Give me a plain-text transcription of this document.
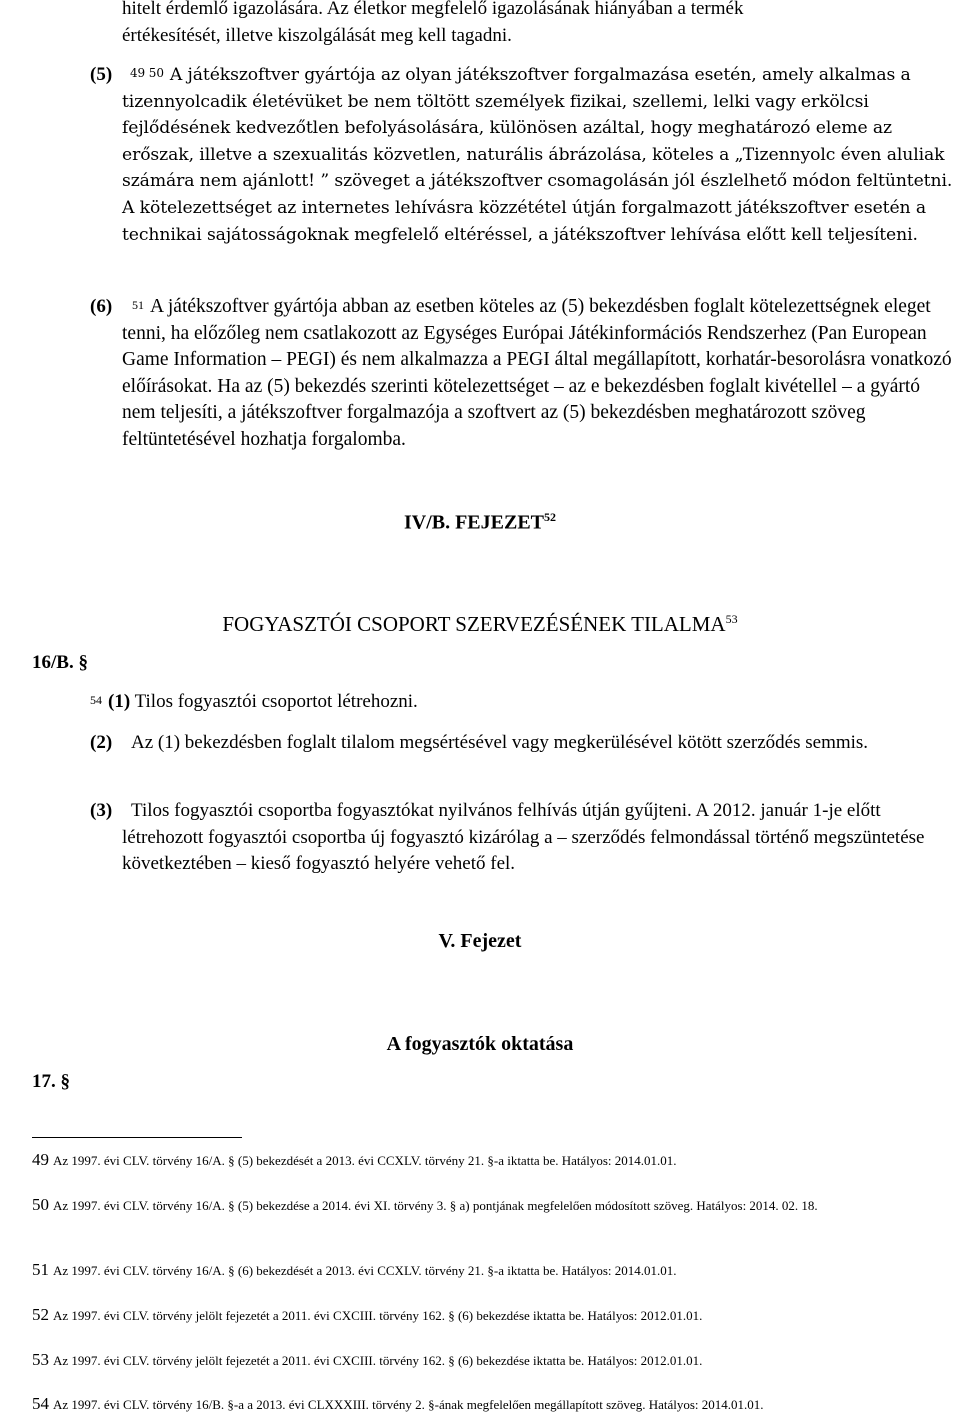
hitelt érdemlő igazolására. Az életkor megfelelő igazolásának hiányában a termék
értékesítését, illetve kiszolgálását meg kell tagadni.

(5)	$^{49 50}$ A játékszoftver gyártója az olyan játékszoftver forgalmazása esetén, amely alkalmas a tizennyolcadik életévüket be nem töltött személyek fizikai, szellemi, lelki vagy erkölcsi fejlődésének kedvezőtlen befolyásolására, különösen azáltal, hogy meghatározó eleme az erőszak, illetve a szexualitás közvetlen, naturális ábrázolása, köteles a „Tizennyolc éven aluliak számára nem ajánlott! ” szöveget a játékszoftver csomagolásán jól észlelhető módon feltüntetni. A kötelezettséget az internetes lehívásra közzététel útján forgalmazott játékszoftver esetén a technikai sajátosságoknak megfelelő eltéréssel, a játékszoftver lehívása előtt kell teljesíteni.

(6)	$^{51}$ A játékszoftver gyártója abban az esetben köteles az (5) bekezdésben foglalt kötelezettségnek eleget tenni, ha előzőleg nem csatlakozott az Egységes Európai Játékinformációs Rendszerhez (Pan European Game Information – PEGI) és nem alkalmazza a PEGI által megállapított, korhatár-besorolásra vonatkozó előírásokat. Ha az (5) bekezdés szerinti kötelezettséget – az e bekezdésben foglalt kivétellel – a gyártó nem teljesíti, a játékszoftver forgalmazója a szoftvert az (5) bekezdésben meghatározott szöveg feltüntetésével hozhatja forgalomba.

IV/B. FEJEZET$^{52}$

FOGYASZTÓI CSOPORT SZERVEZÉSÉNEK TILALMA$^{53}$

16/B. §

$^{54}$ (1) Tilos fogyasztói csoportot létrehozni.

(2) Az (1) bekezdésben foglalt tilalom megsértésével vagy megkerülésével kötött szerződés semmis.

(3) Tilos fogyasztói csoportba fogyasztókat nyilvános felhívás útján gyűjteni. A 2012. január 1-je előtt létrehozott fogyasztói csoportba új fogyasztó kizárólag a – szerződés felmondással történő megszüntetése következtében – kieső fogyasztó helyére vehető fel.

V. Fejezet

A fogyasztók oktatása

17. §

49 Az 1997. évi CLV. törvény 16/A. § (5) bekezdését a 2013. évi CCXLV. törvény 21. §-a iktatta be. Hatályos: 2014.01.01.

50 Az 1997. évi CLV. törvény 16/A. § (5) bekezdése a 2014. évi XI. törvény 3. § a) pontjának megfelelően módosított szöveg. Hatályos: 2014. 02. 18.

51 Az 1997. évi CLV. törvény 16/A. § (6) bekezdését a 2013. évi CCXLV. törvény 21. §-a iktatta be. Hatályos: 2014.01.01.

52 Az 1997. évi CLV. törvény jelölt fejezetét a 2011. évi CXCIII. törvény 162. § (6) bekezdése iktatta be. Hatályos: 2012.01.01.

53 Az 1997. évi CLV. törvény jelölt fejezetét a 2011. évi CXCIII. törvény 162. § (6) bekezdése iktatta be. Hatályos: 2012.01.01.

54 Az 1997. évi CLV. törvény 16/B. §-a a 2013. évi CLXXXIII. törvény 2. §-ának megfelelően megállapított szöveg. Hatályos: 2014.01.01.
